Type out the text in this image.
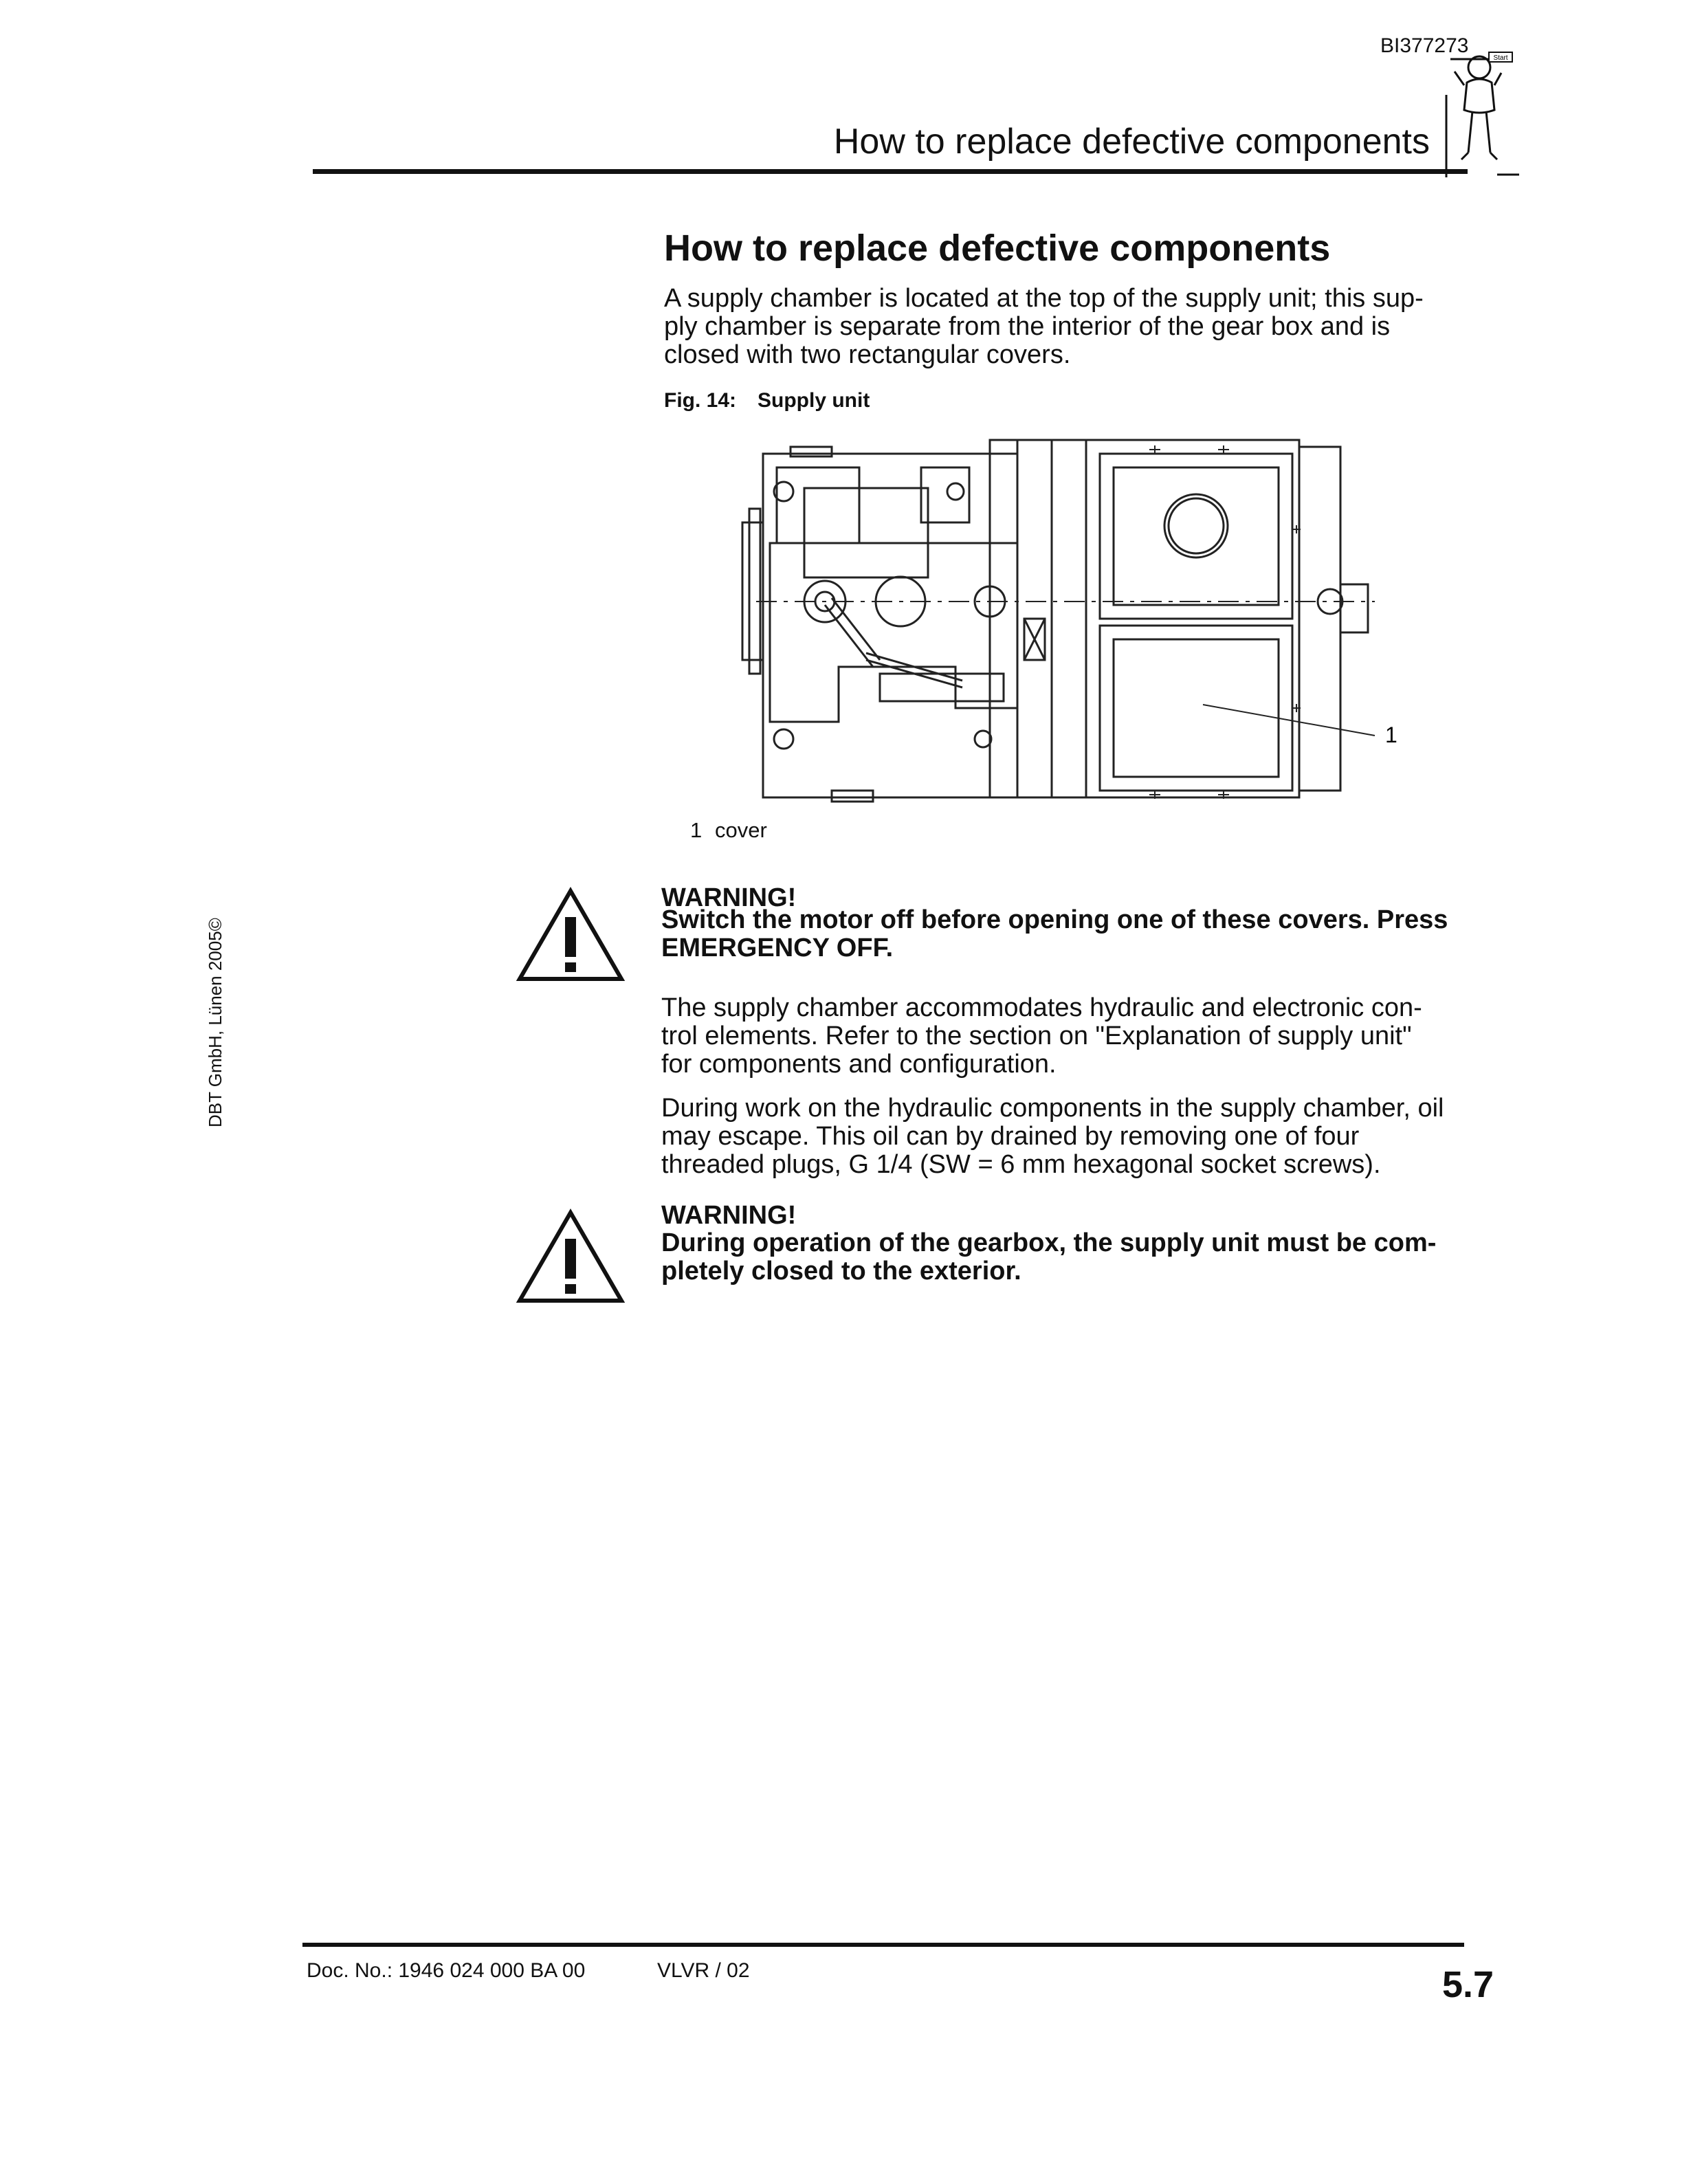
BI377273
Start
How to replace defective components
How to replace defective components
A supply chamber is located at the top of the supply unit; this sup-
ply chamber is separate from the interior of the gear box and is
closed with two rectangular covers.
Fig. 14: Supply unit
1
1 cover
WARNING!
Switch the motor off before opening one of these covers. Press
EMERGENCY OFF.
The supply chamber accommodates hydraulic and electronic con-
trol elements. Refer to the section on "Explanation of supply unit"
for components and configuration.
During work on the hydraulic components in the supply chamber, oil
may escape. This oil can by drained by removing one of four
threaded plugs, G 1/4 (SW = 6 mm hexagonal socket screws).
WARNING!
During operation of the gearbox, the supply unit must be com-
pletely closed to the exterior.
DBT GmbH, Lünen 2005©
Doc. No.: 1946 024 000 BA 00	VLVR / 02	5.7
